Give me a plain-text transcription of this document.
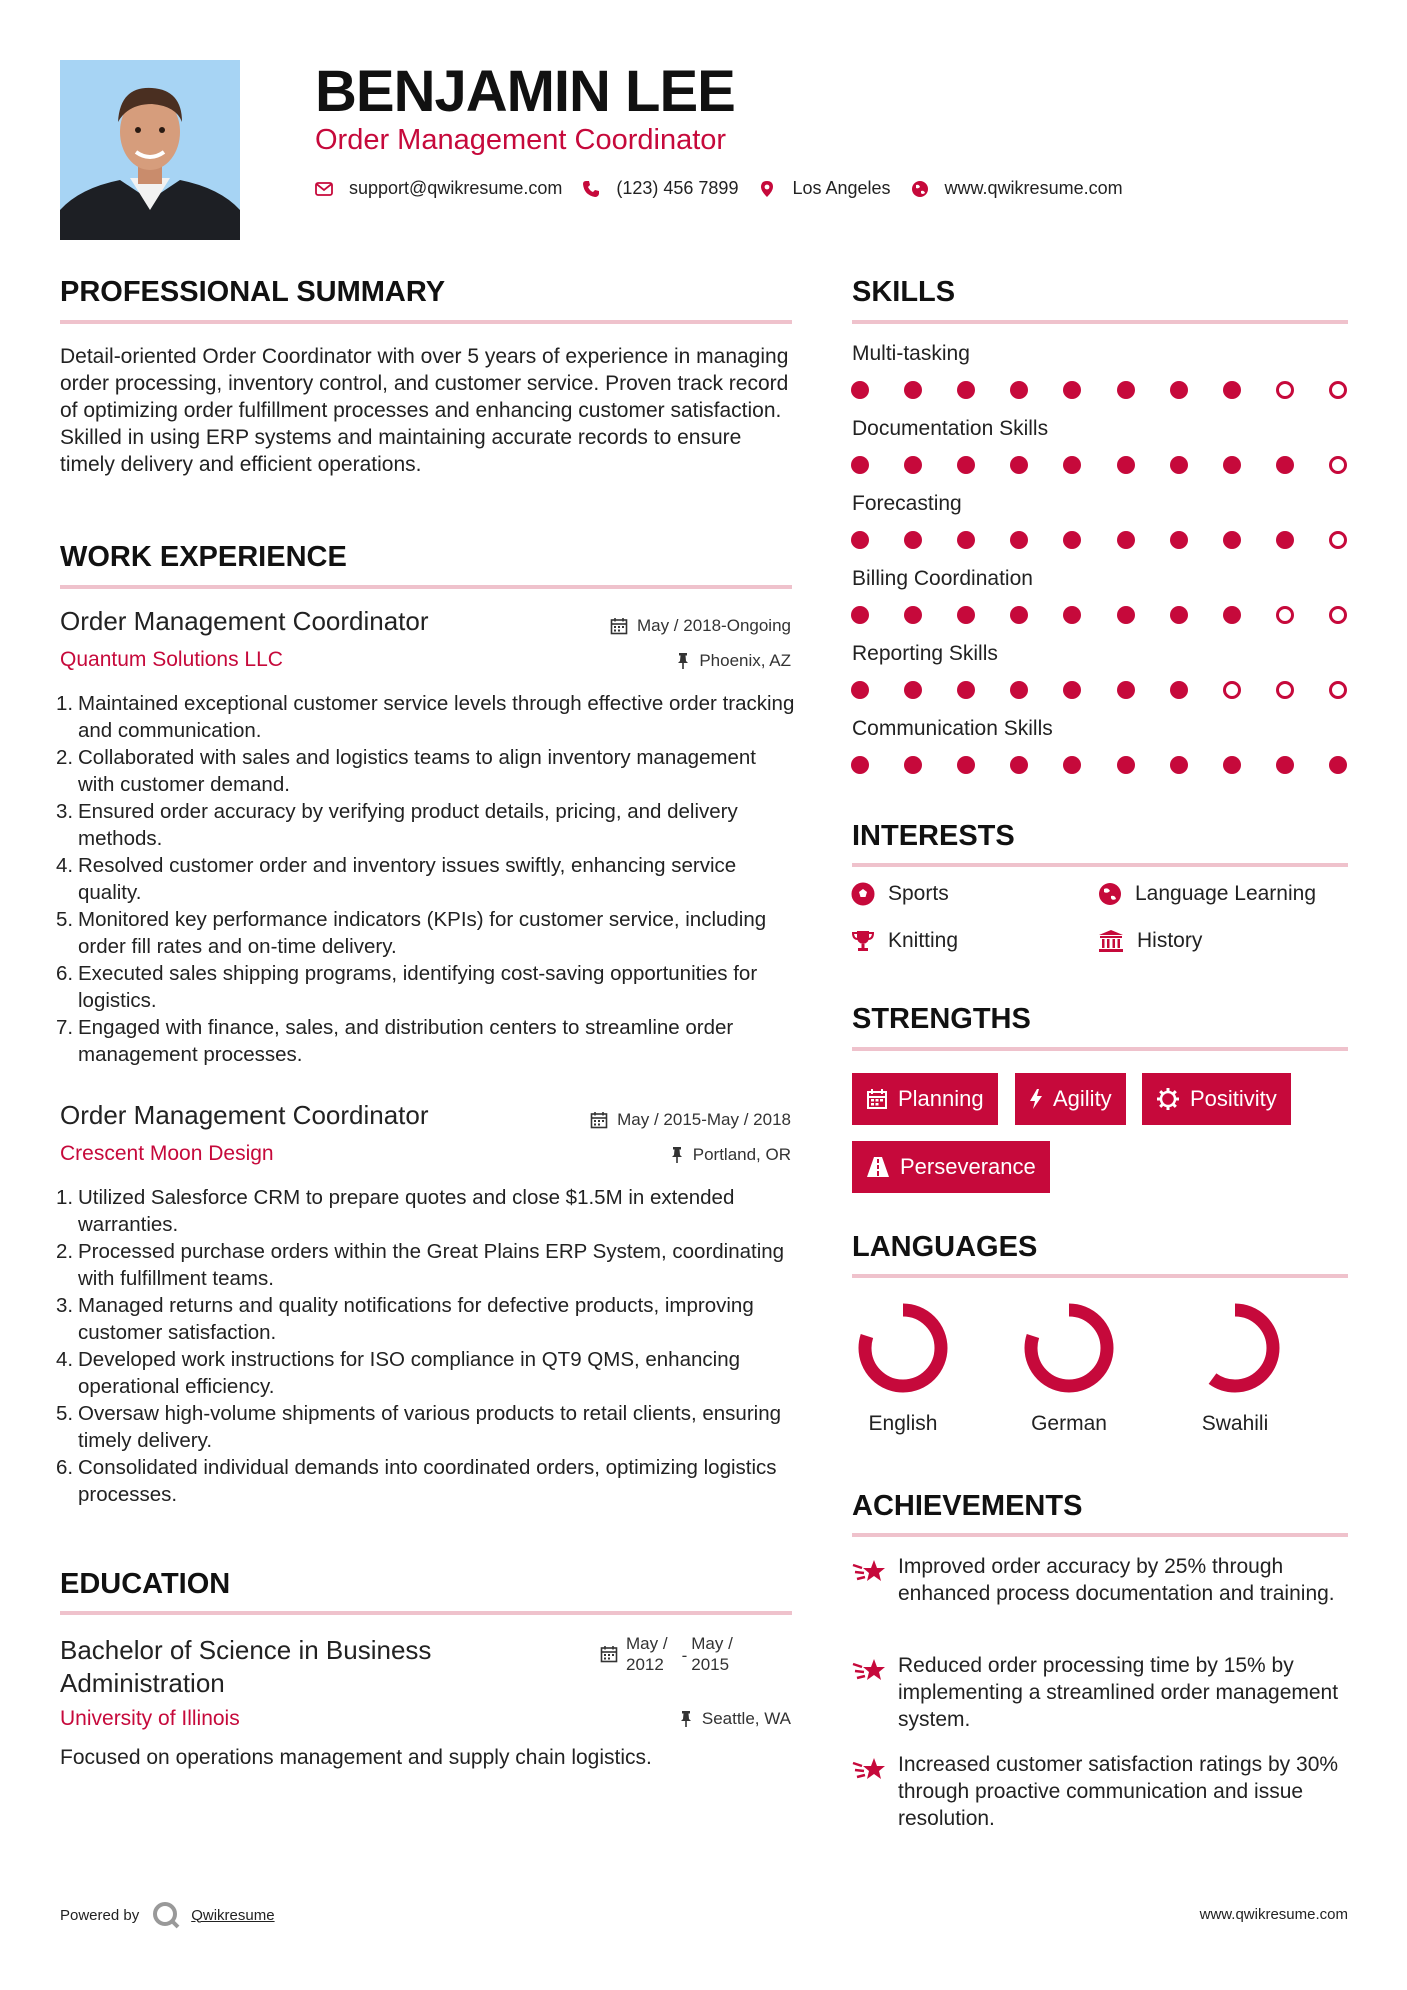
BENJAMIN LEE
Order Management Coordinator
support@qwikresume.com	(123) 456 7899	Los Angeles	www.qwikresume.com
PROFESSIONAL SUMMARY
Detail-oriented Order Coordinator with over 5 years of experience in managing order processing, inventory control, and customer service. Proven track record of optimizing order fulfillment processes and enhancing customer satisfaction. Skilled in using ERP systems and maintaining accurate records to ensure timely delivery and efficient operations.
WORK EXPERIENCE
Order Management Coordinator	May / 2018-Ongoing
Quantum Solutions LLC	Phoenix, AZ
1. Maintained exceptional customer service levels through effective order tracking and communication.
2. Collaborated with sales and logistics teams to align inventory management with customer demand.
3. Ensured order accuracy by verifying product details, pricing, and delivery methods.
4. Resolved customer order and inventory issues swiftly, enhancing service quality.
5. Monitored key performance indicators (KPIs) for customer service, including order fill rates and on-time delivery.
6. Executed sales shipping programs, identifying cost-saving opportunities for logistics.
7. Engaged with finance, sales, and distribution centers to streamline order management processes.
Order Management Coordinator	May / 2015-May / 2018
Crescent Moon Design	Portland, OR
1. Utilized Salesforce CRM to prepare quotes and close $1.5M in extended warranties.
2. Processed purchase orders within the Great Plains ERP System, coordinating with fulfillment teams.
3. Managed returns and quality notifications for defective products, improving customer satisfaction.
4. Developed work instructions for ISO compliance in QT9 QMS, enhancing operational efficiency.
5. Oversaw high-volume shipments of various products to retail clients, ensuring timely delivery.
6. Consolidated individual demands into coordinated orders, optimizing logistics processes.
EDUCATION
Bachelor of Science in Business
Administration
May /
2012 -
May /
2015
University of Illinois	Seattle, WA
Focused on operations management and supply chain logistics.
SKILLS
Multi-tasking
Documentation Skills
Forecasting
Billing Coordination
Reporting Skills
Communication Skills
INTERESTS
Sports	Language Learning
Knitting	History
STRENGTHS
Planning	Agility	Positivity
Perseverance
LANGUAGES
English	German	Swahili
ACHIEVEMENTS
Improved order accuracy by 25% through enhanced process documentation and training.
Reduced order processing time by 15% by implementing a streamlined order management system.
Increased customer satisfaction ratings by 30% through proactive communication and issue resolution.
Powered by	Qwikresume	www.qwikresume.com
